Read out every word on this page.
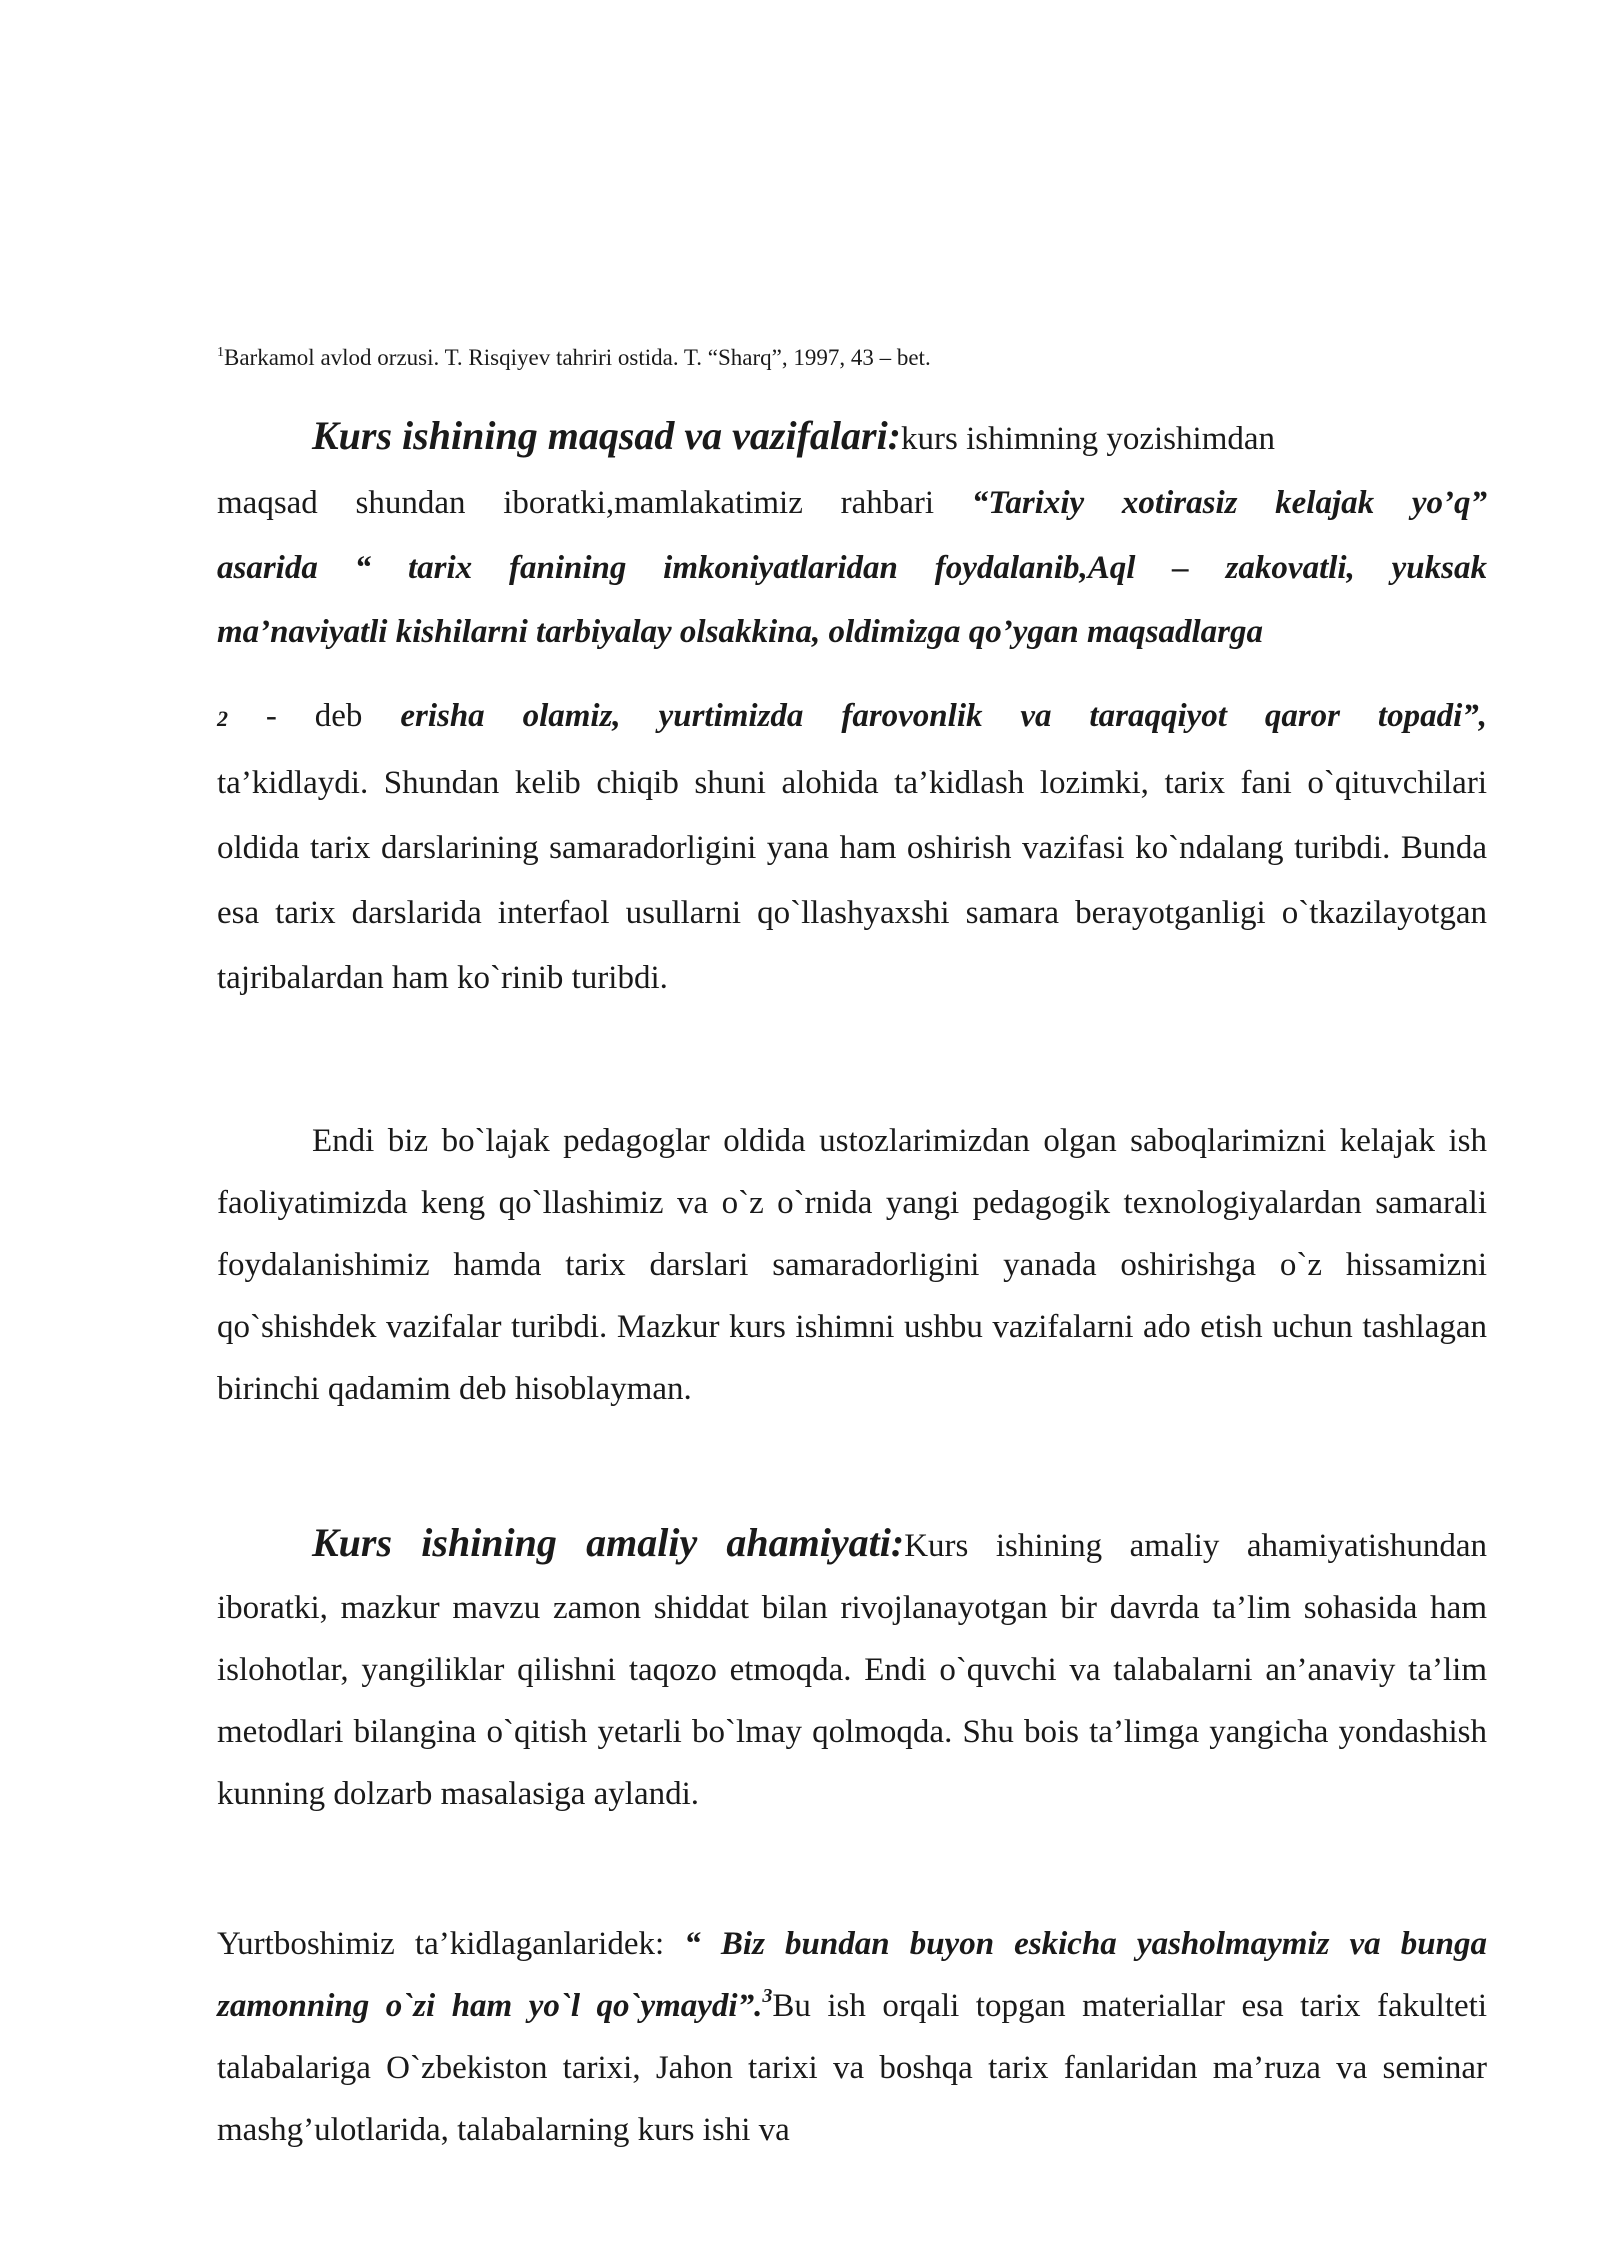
$^1$Barkamol avlod orzusi. T. Risqiyev tahriri ostida. T. “Sharq”, 1997, 43 – bet.
Kurs ishining maqsad va vazifalari:kurs ishimning yozishimdan
maqsad shundan iboratki,mamlakatimiz rahbari “Tarixiy xotirasiz kelajak yo’q”
asarida “ tarix fanining imkoniyatlaridan foydalanib,Aql – zakovatli, yuksak
ma’naviyatli kishilarni tarbiyalay olsakkina, oldimizga qo’ygan maqsadlarga
2 - deb erisha olamiz, yurtimizda farovonlik va taraqqiyot qaror topadi”,
ta’kidlaydi. Shundan kelib chiqib shuni alohida ta’kidlash lozimki, tarix fani o`qituvchilari oldida tarix darslarining samaradorligini yana ham oshirish vazifasi ko`ndalang turibdi. Bunda esa tarix darslarida interfaol usullarni qo`llashyaxshi samara berayotganligi o`tkazilayotgan tajribalardan ham ko`rinib turibdi.
Endi biz bo`lajak pedagoglar oldida ustozlarimizdan olgan saboqlarimizni kelajak ish faoliyatimizda keng qo`llashimiz va o`z o`rnida yangi pedagogik texnologiyalardan samarali foydalanishimiz hamda tarix darslari samaradorligini yanada oshirishga o`z hissamizni qo`shishdek vazifalar turibdi. Mazkur kurs ishimni ushbu vazifalarni ado etish uchun tashlagan birinchi qadamim deb hisoblayman.
Kurs ishining amaliy ahamiyati:Kurs ishining amaliy ahamiyatishundan iboratki, mazkur mavzu zamon shiddat bilan rivojlanayotgan bir davrda ta’lim sohasida ham islohotlar, yangiliklar qilishni taqozo etmoqda. Endi o`quvchi va talabalarni an’anaviy ta’lim metodlari bilangina o`qitish yetarli bo`lmay qolmoqda. Shu bois ta’limga yangicha yondashish kunning dolzarb masalasiga aylandi.
Yurtboshimiz ta’kidlaganlaridek: “ Biz bundan buyon eskicha yasholmaymiz va bunga zamonning o`zi ham yo`l qo`ymaydi”.$^3$Bu ish orqali topgan materiallar esa tarix fakulteti talabalariga O`zbekiston tarixi, Jahon tarixi va boshqa tarix fanlaridan ma’ruza va seminar mashg’ulotlarida, talabalarning kurs ishi va
